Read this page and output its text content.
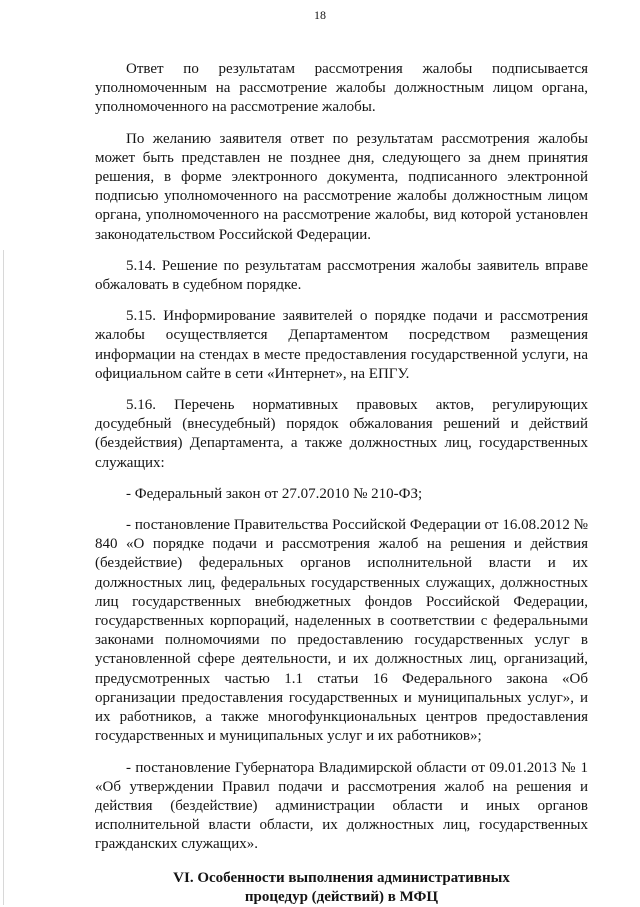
18

Ответ по результатам рассмотрения жалобы подписывается уполномоченным на рассмотрение жалобы должностным лицом органа, уполномоченного на рассмотрение жалобы.

По желанию заявителя ответ по результатам рассмотрения жалобы может быть представлен не позднее дня, следующего за днем принятия решения, в форме электронного документа, подписанного электронной подписью уполномоченного на рассмотрение жалобы должностным лицом органа, уполномоченного на рассмотрение жалобы, вид которой установлен законодательством Российской Федерации.

5.14. Решение по результатам рассмотрения жалобы заявитель вправе обжаловать в судебном порядке.

5.15. Информирование заявителей о порядке подачи и рассмотрения жалобы осуществляется Департаментом посредством размещения информации на стендах в месте предоставления государственной услуги, на официальном сайте в сети «Интернет», на ЕПГУ.

5.16. Перечень нормативных правовых актов, регулирующих досудебный (внесудебный) порядок обжалования решений и действий (бездействия) Департамента, а также должностных лиц, государственных служащих:

- Федеральный закон от 27.07.2010 № 210-ФЗ;

- постановление Правительства Российской Федерации от 16.08.2012 № 840 «О порядке подачи и рассмотрения жалоб на решения и действия (бездействие) федеральных органов исполнительной власти и их должностных лиц, федеральных государственных служащих, должностных лиц государственных внебюджетных фондов Российской Федерации, государственных корпораций, наделенных в соответствии с федеральными законами полномочиями по предоставлению государственных услуг в установленной сфере деятельности, и их должностных лиц, организаций, предусмотренных частью 1.1 статьи 16 Федерального закона «Об организации предоставления государственных и муниципальных услуг», и их работников, а также многофункциональных центров предоставления государственных и муниципальных услуг и их работников»;

- постановление Губернатора Владимирской области от 09.01.2013 № 1 «Об утверждении Правил подачи и рассмотрения жалоб на решения и действия (бездействие) администрации области и иных органов исполнительной власти области, их должностных лиц, государственных гражданских служащих».

VI. Особенности выполнения административных
процедур (действий) в МФЦ
